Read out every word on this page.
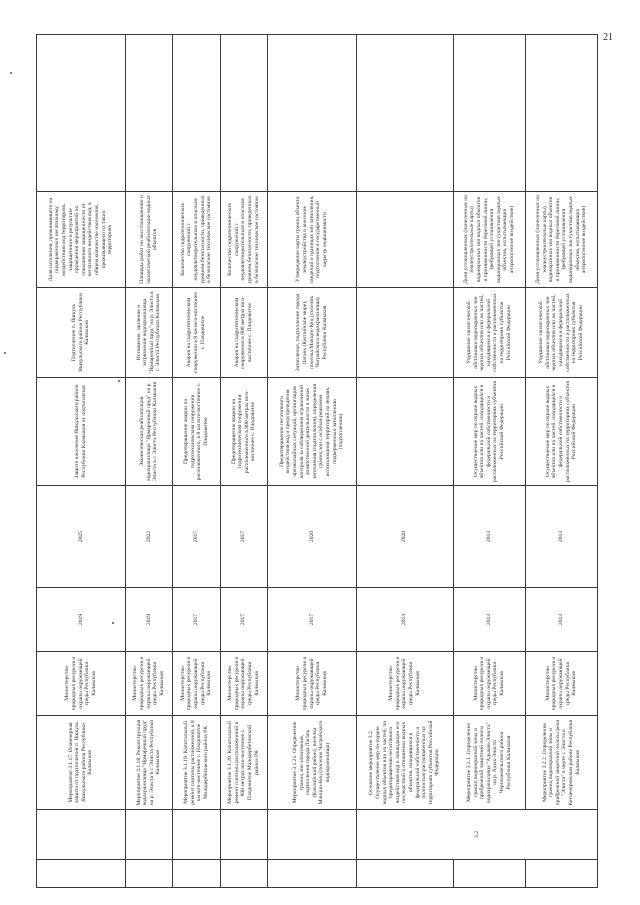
21
		Мероприятие 3.1.17. Инженерная защита от подтопления п. Яшкуль Яшкульского района Республики Калмыкия	Министерство природных ресурсов и охраны окружающей среды Республики Калмыкия	2019	2025	Защита населения Яшкульского района Республики Калмыкия от подтопления	Подтопление п. Яшкуль Яшкульского района Республики Калмыкия	Доля населения, проживающего на подверженных негативному воздействию вод территориях, защищенного в результате проведения мероприятий по повышению защищенности от негативного воздействия вод, в общем количестве населения, проживающего на таких территориях	
		Мероприятие 3.1.18. Реконструкция водохранилища "Ярмарочный пруд" на р. Элиста в г. Элиста Республики Калмыкия	Министерство природных ресурсов и охраны окружающей среды Республики Калмыкия	2019	2022	Экологическая реабилитация водохранилища "Ярмарочный пруд" на р. Элиста в г. Элиста Республики Калмыкия	Истощение, заиление и загрязнение водохранилища "Ярмарочный пруд" на р. Элиста в г. Элиста Республики Калмыкия	Площадь работ по восстановлению и экологической реабилитации водных объектов	
		Мероприятие 3.1.19. Капитальный ремонт плотины распложенной, в 8 км юго-восточнее с. Плодовитое Малодербетовского района РК	Министерство природных ресурсов и охраны окружающей среды Республики Калмыкия	2017	2017	Предотвращение аварии на гидротехническом сооружении расположенного, в 8 км юго-восточнее с. Плодовитое	Авария на гидротехническом сооружении в 8 км юго-восточнее с. Плодовитое	Количество гидротехнических сооружений с неудовлетворительным и опасным уровнем безопасности, приведенных в безопасное техническое состояние	
		Мероприятие 3.1.20. Капитальный ремонт плотины расположенной в 800 метрах юго-восточнее с. Плодовитое Малодербетовский района РК	Министерство природных ресурсов и охраны окружающей среды Республики Калмыкия	2017	2017	Предотвращение аварии на гидротехническом сооружении расположенного в 800 метрах юго-восточнее с. Плодовитое	Авария на гидротехническом сооружении в 800 метрах юго-восточнее с. Плодовитое	Количество гидротехнических сооружений с неудовлетворительным и опасным уровнем безопасности, приведенных в безопасное техническое состояние	
		Мероприятие 3.1.21. Определение границ зон затопления, подтопления города Лагань (Каспийский район), поселка Манцин-Кец (поселок Чограйского водохранилища)	Министерство природных ресурсов и охраны окружающей среды Республики Калмыкия	2017	2020	Предотвращение негативного воздействия вод и предупреждения чрезвычайных ситуаций, организация контроля за соблюдением ограничений хозяйственной деятельности в зонах затопления (подтопления), определения границ зон с особым режимом использования территорий на землях, подверженных затоплению (подтоплению)	Затопление, подтопление города Лагань (Каспийское море), поселка Манцин-Кец (поселок Чограйского водохранилища) Республики Калмыкия	Утверждение карты границ объекта землеустройства и внесение сведений о границах зон затопления, подтопления в государственный кадастр недвижимости	
	3.2	Основное мероприятие 3.2. Осуществление мер по охране водных объектов или их частей, по предотвращению негативного воздействия вод и ликвидации его последствий в отношении водных объектов, находящихся в федеральной собственности и полностью расположенных на территориях субъектов Российской Федерации	Министерство природных ресурсов и охраны окружающей среды Республики Калмыкия	2013	2020				
		Мероприятие 3.2.1. Определение границ водоохранной зоны и прибрежной защитной полосы водохранилища "Адыков-Элиста" на р. Адык-Элиста Черноземельского района Республики Калмыкия	Министерство природных ресурсов и охраны окружающей среды Республики Калмыкия	2013	2013	Осуществление мер по охране водных объектов или их частей, находящихся в федеральной собственности и расположенных на территориях субъектов Российской Федерации	Ухудшение экологической обстановки водоохранных зон водных объектов или их частей, находящихся в федеральной собственности и расположенных на территориях субъектов Российской Федерации	Доля установленных (нанесенных на землеустроительные карты) водоохранных зон водных объектов в протяженности береговой линии, требующей установления водоохранных зон (участков водных объектов, испытывающих антропогенное воздействие)	
		Мероприятие 3.2.2. Определение границ водоохранной зоны и прибрежной защитной полосы реки "Элиста" в черте г. Элиста в Кетченеровском районе Республики Калмыкия	Министерство природных ресурсов и охраны окружающей среды Республики Калмыкия	2013	2013	Осуществление мер по охране водных объектов или их частей, находящихся в федеральной собственности и расположенных на территориях субъектов Российской Федерации	Ухудшение экологической обстановки водоохранных зон водных объектов или их частей, находящихся в федеральной собственности и расположенных на территориях субъектов Российской Федерации	Доля установленных (нанесенных на землеустроительные карты) водоохранных зон водных объектов в протяженности береговой линии, требующей установления водоохранных зон (участков водных объектов, испытывающих антропогенное воздействие)	
